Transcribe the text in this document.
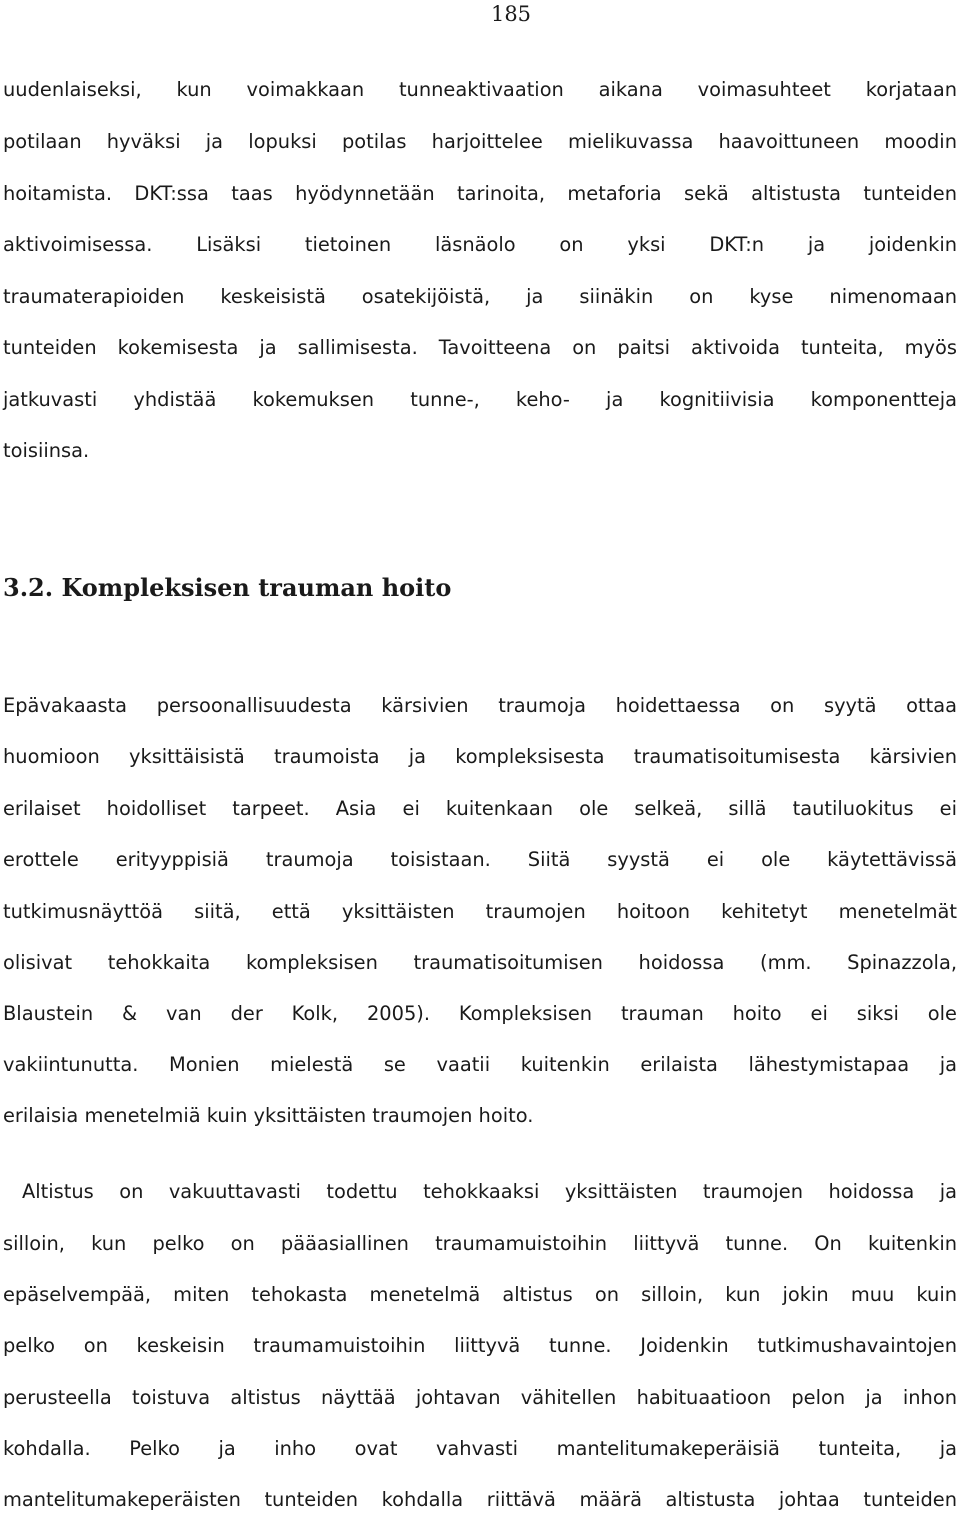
185
uudenlaiseksi, kun voimakkaan tunneaktivaation aikana voimasuhteet korjataan
potilaan hyväksi ja lopuksi potilas harjoittelee mielikuvassa haavoittuneen moodin
hoitamista. DKT:ssa taas hyödynnetään tarinoita, metaforia sekä altistusta tunteiden
aktivoimisessa. Lisäksi tietoinen läsnäolo on yksi DKT:n ja joidenkin
traumaterapioiden keskeisistä osatekijöistä, ja siinäkin on kyse nimenomaan
tunteiden kokemisesta ja sallimisesta. Tavoitteena on paitsi aktivoida tunteita, myös
jatkuvasti yhdistää kokemuksen tunne-, keho- ja kognitiivisia komponentteja
toisiinsa.
3.2. Kompleksisen trauman hoito
Epävakaasta persoonallisuudesta kärsivien traumoja hoidettaessa on syytä ottaa
huomioon yksittäisistä traumoista ja kompleksisesta traumatisoitumisesta kärsivien
erilaiset hoidolliset tarpeet. Asia ei kuitenkaan ole selkeä, sillä tautiluokitus ei
erottele erityyppisiä traumoja toisistaan. Siitä syystä ei ole käytettävissä
tutkimusnäyttöä siitä, että yksittäisten traumojen hoitoon kehitetyt menetelmät
olisivat tehokkaita kompleksisen traumatisoitumisen hoidossa (mm. Spinazzola,
Blaustein & van der Kolk, 2005). Kompleksisen trauman hoito ei siksi ole
vakiintunutta. Monien mielestä se vaatii kuitenkin erilaista lähestymistapaa ja
erilaisia menetelmiä kuin yksittäisten traumojen hoito.
Altistus on vakuuttavasti todettu tehokkaaksi yksittäisten traumojen hoidossa ja
silloin, kun pelko on pääasiallinen traumamuistoihin liittyvä tunne. On kuitenkin
epäselvempää, miten tehokasta menetelmä altistus on silloin, kun jokin muu kuin
pelko on keskeisin traumamuistoihin liittyvä tunne. Joidenkin tutkimushavaintojen
perusteella toistuva altistus näyttää johtavan vähitellen habituaatioon pelon ja inhon
kohdalla. Pelko ja inho ovat vahvasti mantelitumakeperäisiä tunteita, ja
mantelitumakeperäisten tunteiden kohdalla riittävä määrä altistusta johtaa tunteiden
